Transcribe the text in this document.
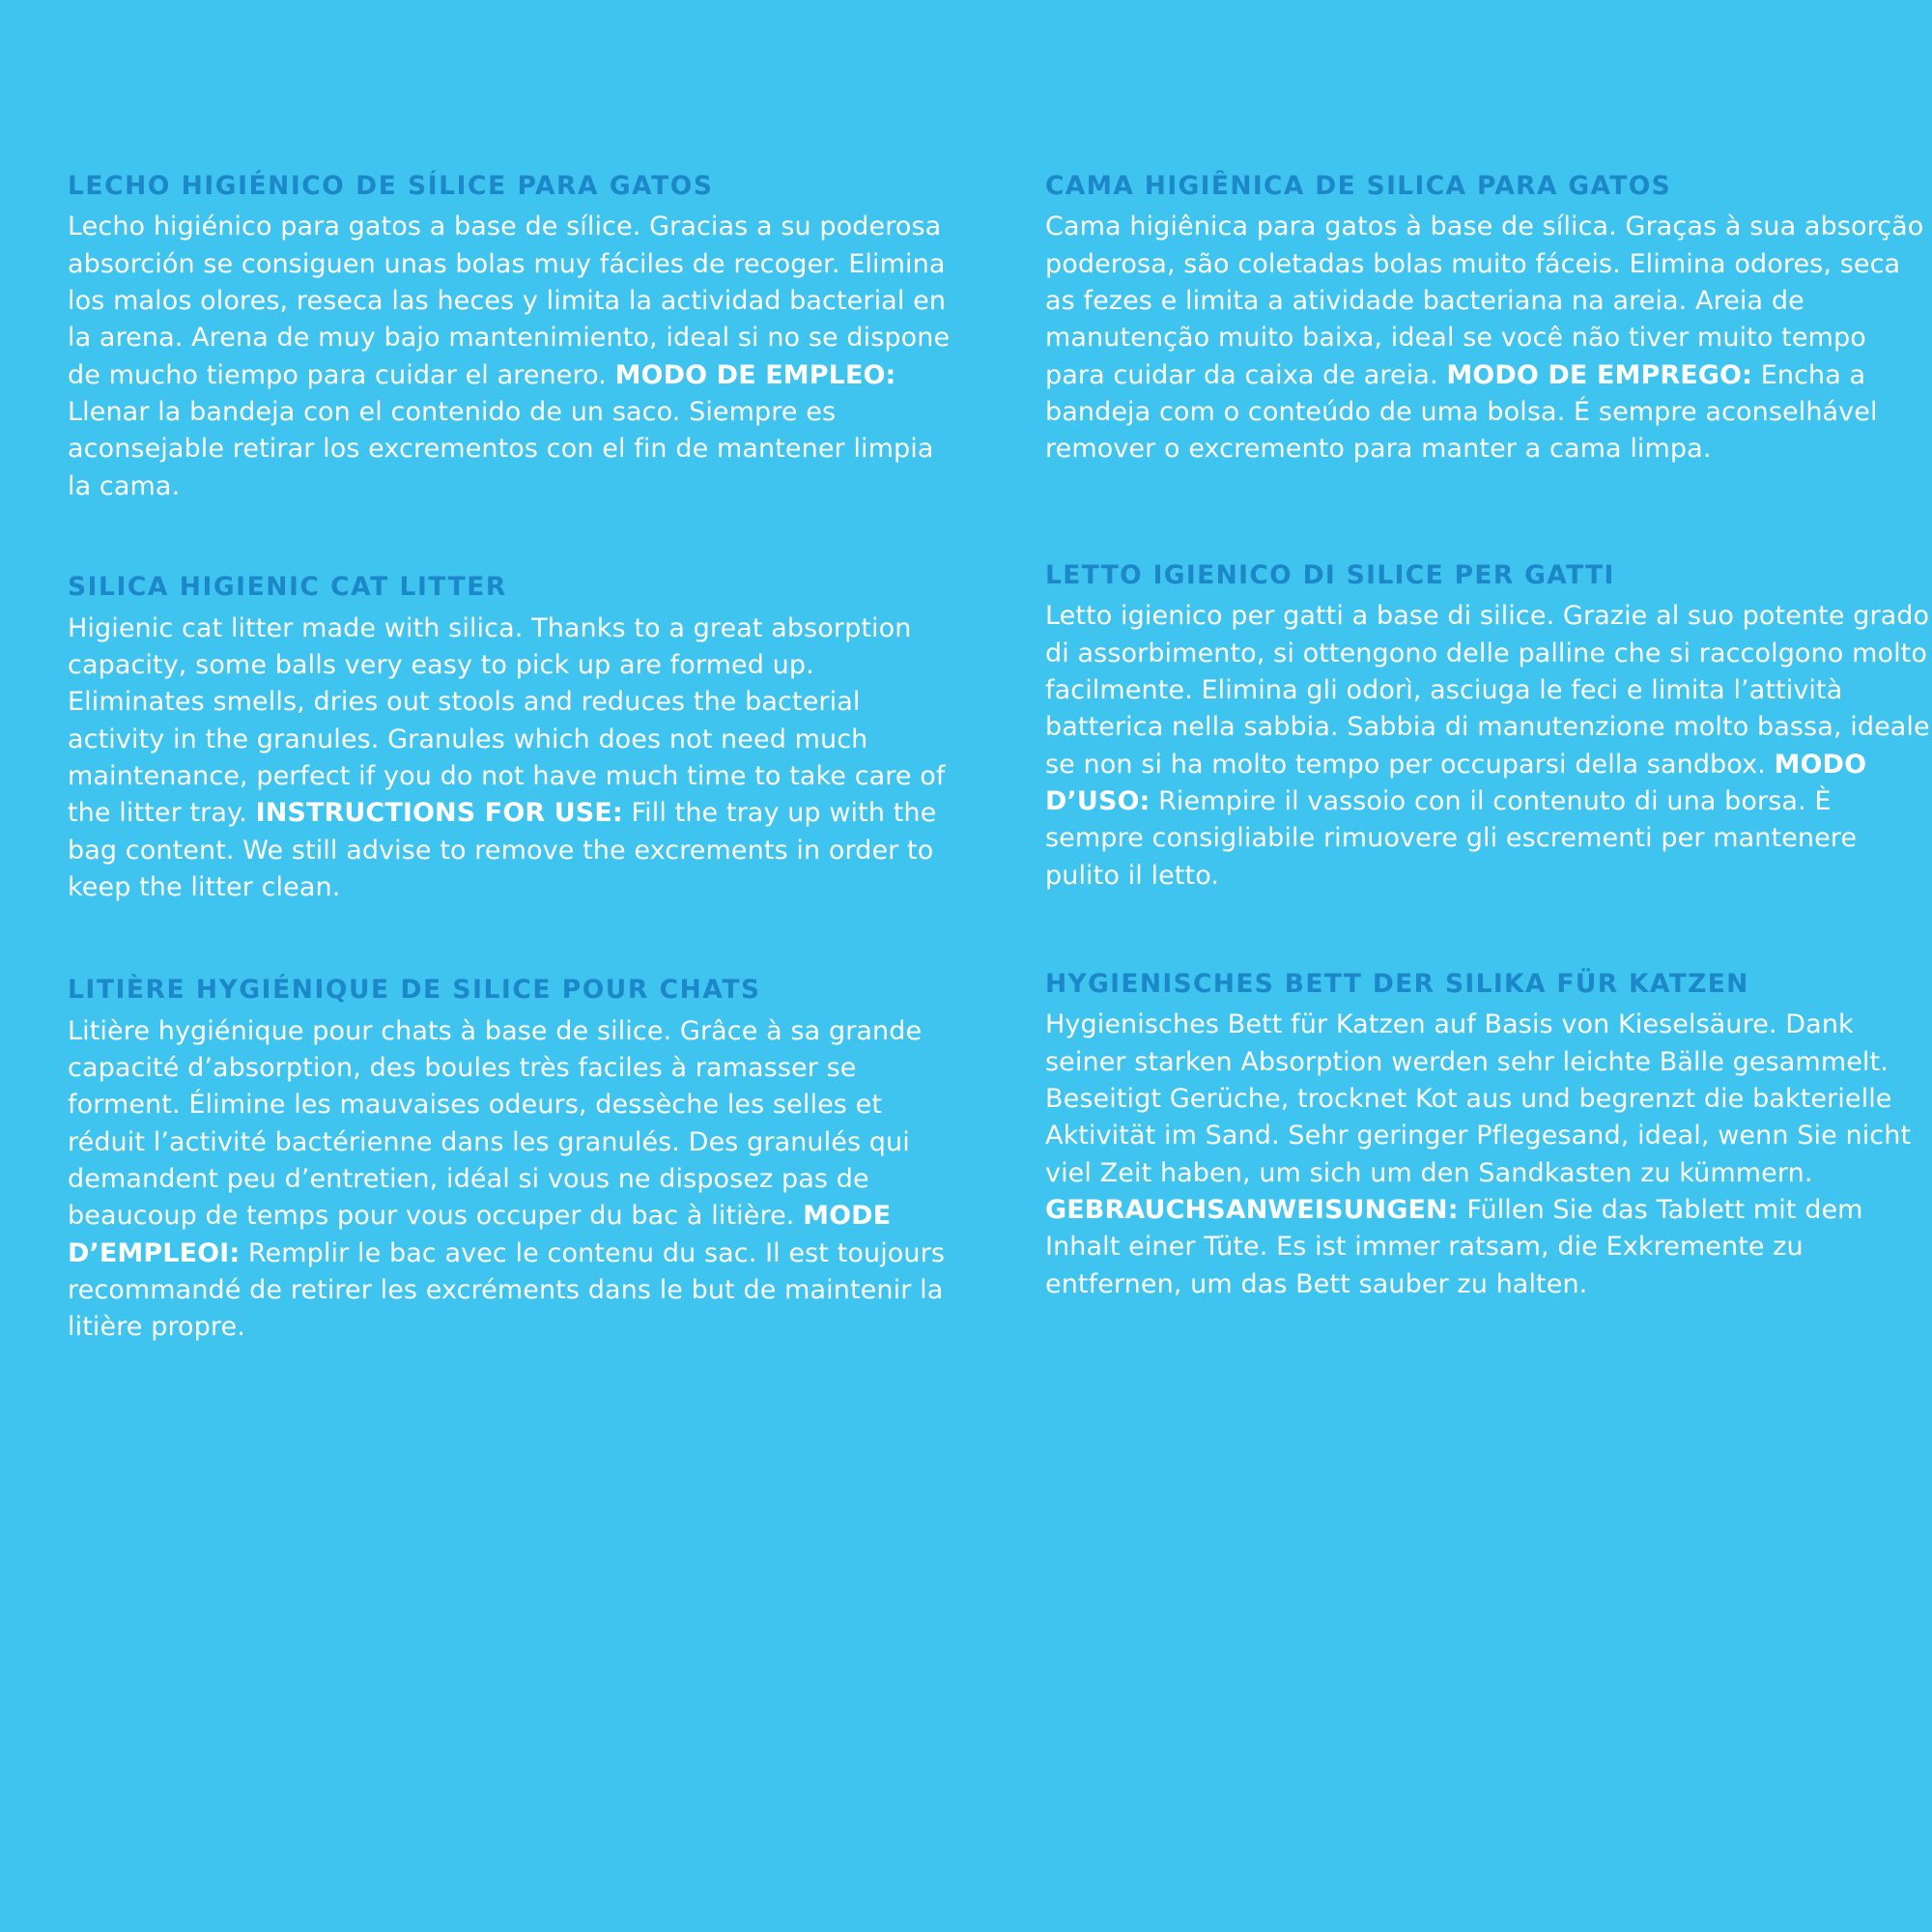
LECHO HIGIÉNICO DE SÍLICE PARA GATOS

Lecho higiénico para gatos a base de sílice. Gracias a su poderosa absorción se consiguen unas bolas muy fáciles de recoger. Elimina los malos olores, reseca las heces y limita la actividad bacterial en la arena. Arena de muy bajo mantenimiento, ideal si no se dispone de mucho tiempo para cuidar el arenero. MODO DE EMPLEO: Llenar la bandeja con el contenido de un saco. Siempre es aconsejable retirar los excrementos con el fin de mantener limpia la cama.

SILICA HIGIENIC CAT LITTER

Higienic cat litter made with silica. Thanks to a great absorption capacity, some balls very easy to pick up are formed up. Eliminates smells, dries out stools and reduces the bacterial activity in the granules. Granules which does not need much maintenance, perfect if you do not have much time to take care of the litter tray. INSTRUCTIONS FOR USE: Fill the tray up with the bag content. We still advise to remove the excrements in order to keep the litter clean.

LITIÈRE HYGIÉNIQUE DE SILICE POUR CHATS

Litière hygiénique pour chats à base de silice. Grâce à sa grande capacité d’absorption, des boules très faciles à ramasser se forment. Élimine les mauvaises odeurs, dessèche les selles et réduit l’activité bactérienne dans les granulés. Des granulés qui demandent peu d’entretien, idéal si vous ne disposez pas de beaucoup de temps pour vous occuper du bac à litière. MODE D’EMPLEOI: Remplir le bac avec le contenu du sac. Il est toujours recommandé de retirer les excréments dans le but de maintenir la litière propre.

CAMA HIGIÊNICA DE SILICA PARA GATOS

Cama higiênica para gatos à base de sílica. Graças à sua absorção poderosa, são coletadas bolas muito fáceis. Elimina odores, seca as fezes e limita a atividade bacteriana na areia. Areia de manutenção muito baixa, ideal se você não tiver muito tempo para cuidar da caixa de areia. MODO DE EMPREGO: Encha a bandeja com o conteúdo de uma bolsa. É sempre aconselhável remover o excremento para manter a cama limpa.

LETTO IGIENICO DI SILICE PER GATTI

Letto igienico per gatti a base di silice. Grazie al suo potente grado di assorbimento, si ottengono delle palline che si raccolgono molto facilmente. Elimina gli odorì, asciuga le feci e limita l’attività batterica nella sabbia. Sabbia di manutenzione molto bassa, ideale se non si ha molto tempo per occuparsi della sandbox. MODO D’USO: Riempire il vassoio con il contenuto di una borsa. È sempre consigliabile rimuovere gli escrementi per mantenere pulito il letto.

HYGIENISCHES BETT DER SILIKA FÜR KATZEN

Hygienisches Bett für Katzen auf Basis von Kieselsäure. Dank seiner starken Absorption werden sehr leichte Bälle gesammelt. Beseitigt Gerüche, trocknet Kot aus und begrenzt die bakterielle Aktivität im Sand. Sehr geringer Pflegesand, ideal, wenn Sie nicht viel Zeit haben, um sich um den Sandkasten zu kümmern. GEBRAUCHSANWEISUNGEN: Füllen Sie das Tablett mit dem Inhalt einer Tüte. Es ist immer ratsam, die Exkremente zu entfernen, um das Bett sauber zu halten.
